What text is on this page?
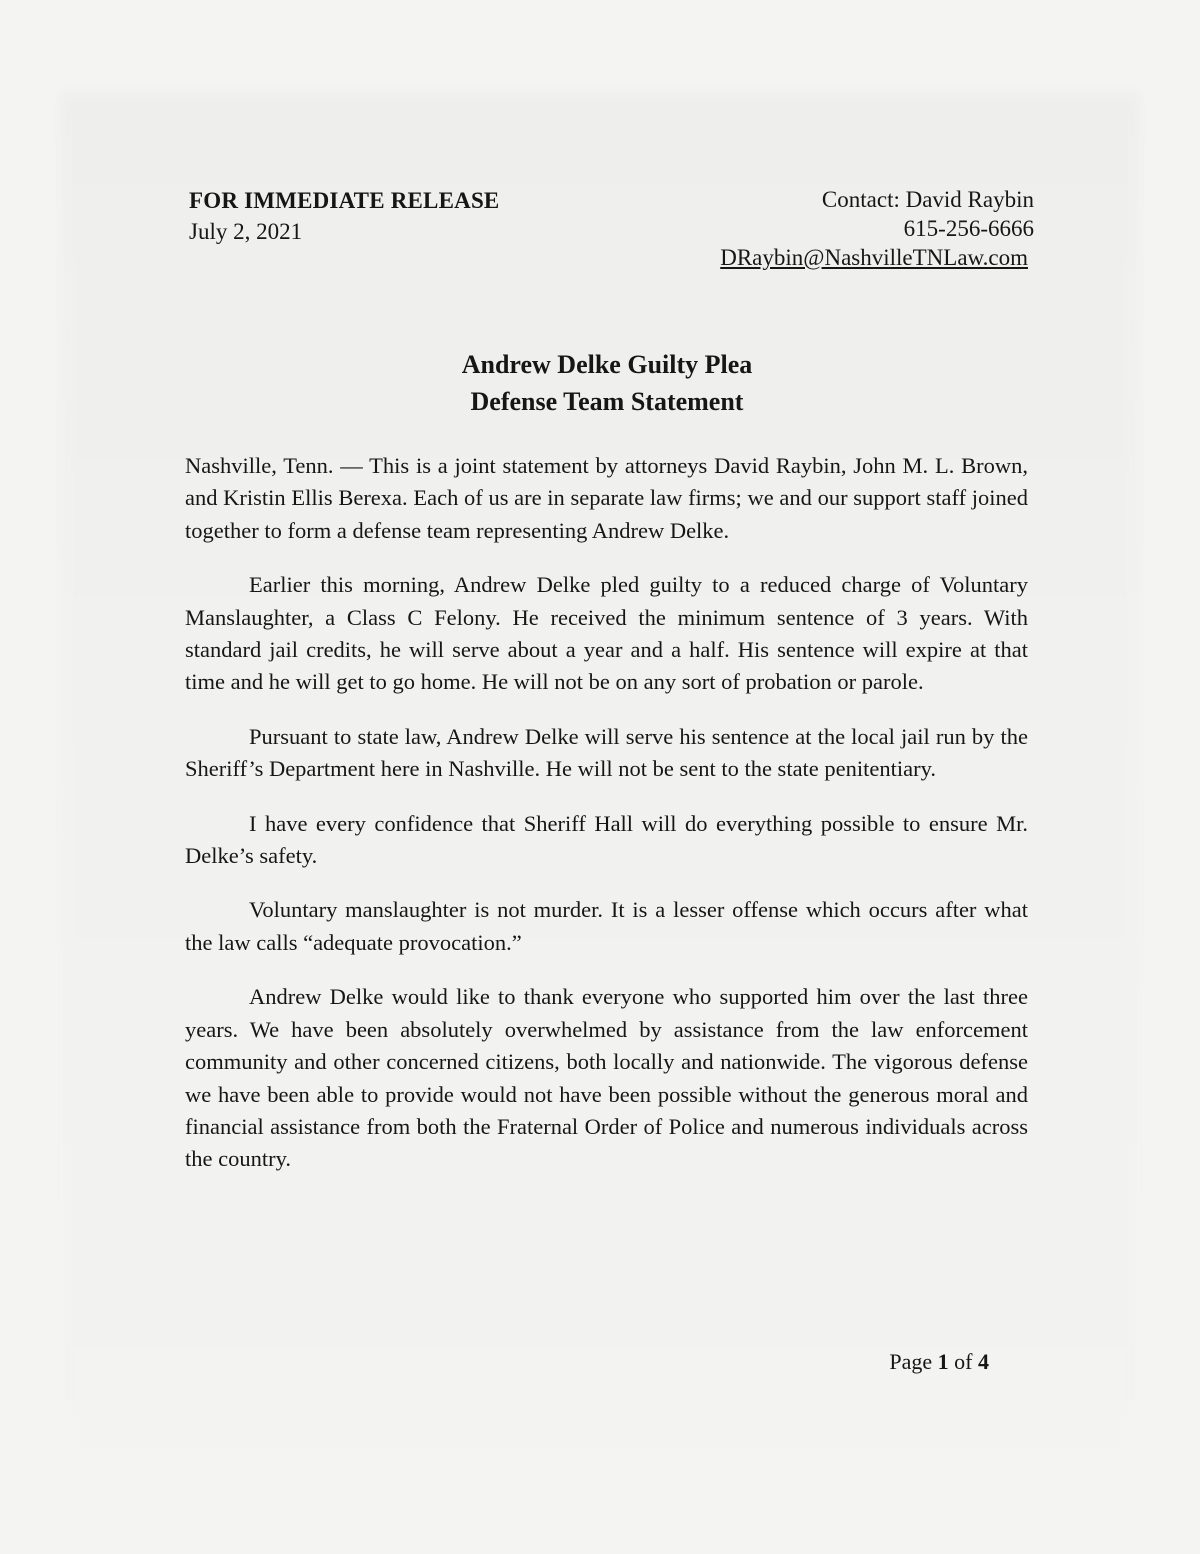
FOR IMMEDIATE RELEASE
July 2, 2021
Contact: David Raybin
615-256-6666
DRaybin@NashvilleTNLaw.com
Andrew Delke Guilty Plea
Defense Team Statement

Nashville, Tenn. — This is a joint statement by attorneys David Raybin, John M. L. Brown, and Kristin Ellis Berexa. Each of us are in separate law firms; we and our support staff joined together to form a defense team representing Andrew Delke.

Earlier this morning, Andrew Delke pled guilty to a reduced charge of Voluntary Manslaughter, a Class C Felony. He received the minimum sentence of 3 years. With standard jail credits, he will serve about a year and a half. His sentence will expire at that time and he will get to go home. He will not be on any sort of probation or parole.

Pursuant to state law, Andrew Delke will serve his sentence at the local jail run by the Sheriff’s Department here in Nashville. He will not be sent to the state penitentiary.

I have every confidence that Sheriff Hall will do everything possible to ensure Mr. Delke’s safety.

Voluntary manslaughter is not murder. It is a lesser offense which occurs after what the law calls “adequate provocation.”

Andrew Delke would like to thank everyone who supported him over the last three years. We have been absolutely overwhelmed by assistance from the law enforcement community and other concerned citizens, both locally and nationwide. The vigorous defense we have been able to provide would not have been possible without the generous moral and financial assistance from both the Fraternal Order of Police and numerous individuals across the country.

Page 1 of 4
